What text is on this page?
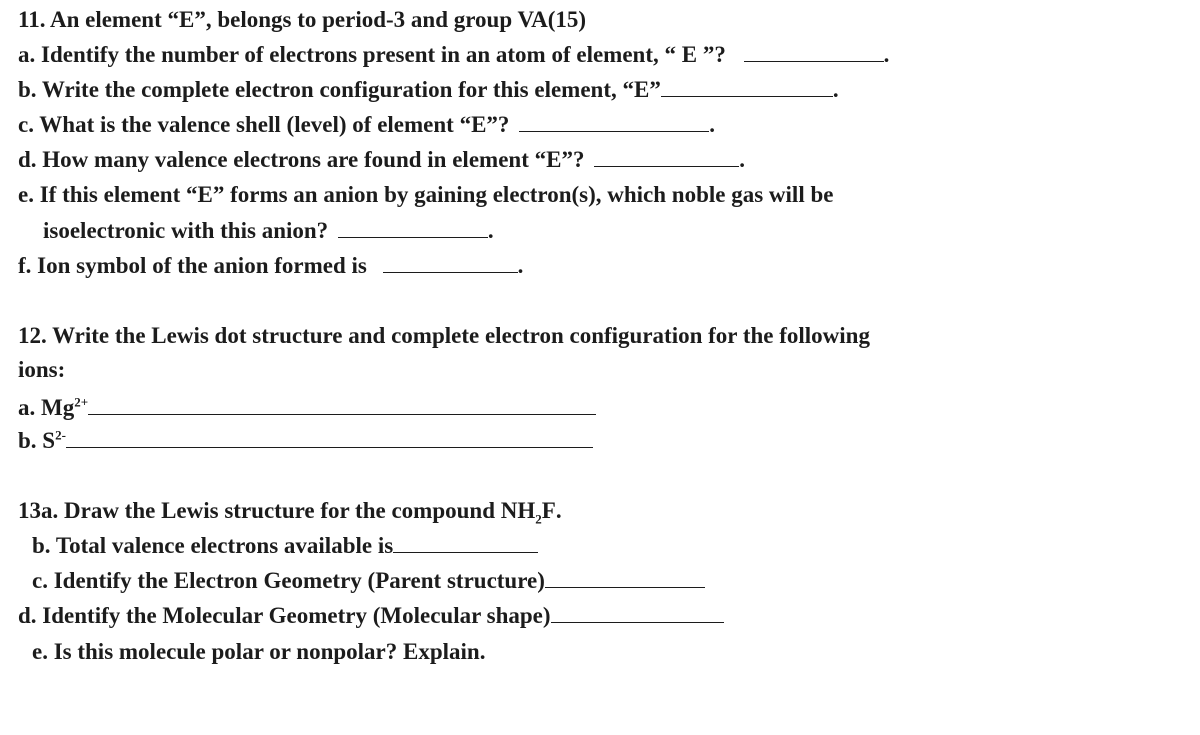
11. An element “E”, belongs to period-3 and group VA(15)
a. Identify the number of electrons present in an atom of element, “ E ”?	.
b. Write the complete electron configuration for this element, “E”	.
c. What is the valence shell (level) of element “E”?	.
d. How many valence electrons are found in element “E”?	.
e. If this element “E” forms an anion by gaining electron(s), which noble gas will be
isoelectronic with this anion?	.
f. Ion symbol of the anion formed is	.
12. Write the Lewis dot structure and complete electron configuration for the following
ions:
a. $Mg^{2+}$
b. $S^{2-}$
13a. Draw the Lewis structure for the compound $NH_2F$.
b. Total valence electrons available is
c. Identify the Electron Geometry (Parent structure)
d. Identify the Molecular Geometry (Molecular shape)
e. Is this molecule polar or nonpolar? Explain.
